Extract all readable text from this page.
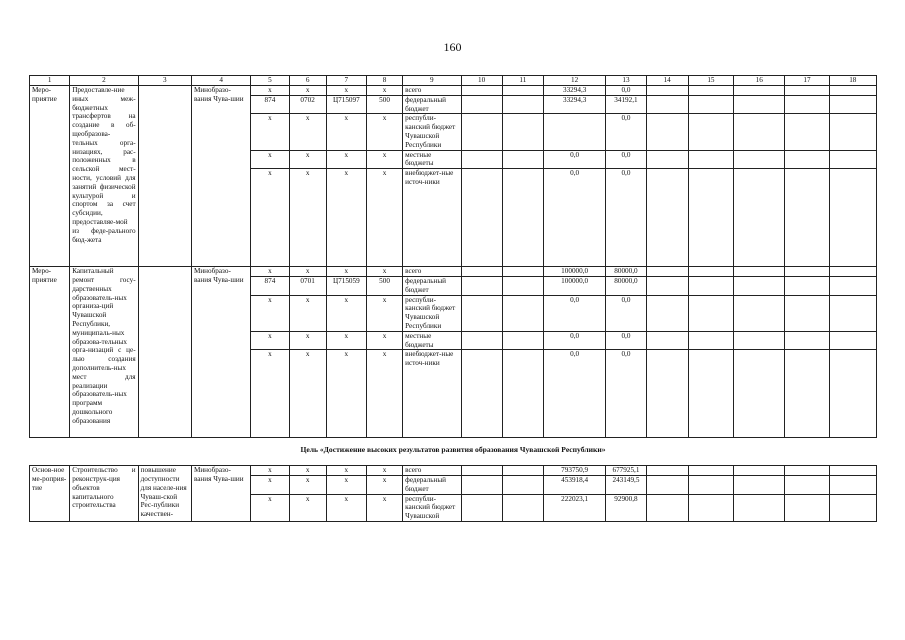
160
1	2	3	4	5	6	7	8	9	10	11	12	13	14	15	16	17	18
Меро-приятие	Предоставле-ние иных меж-бюджетных трансфертов на создание в об-щеобразова-тельных орга-низациях, рас-положенных в сельской мест-ности, условий для занятий физической культурой и спортом за счет субсидии, предоставляе-мой из феде-рального бюд-жета		Минобразо-вания Чува-шии	x	x	x	x	всего			33294,3	0,0					
				874	0702	Ц715097	500	федеральный бюджет			33294,3	34192,1					
				x	x	x	x	республи-канский бюджет Чувашской Республики				0,0					
				x	x	x	x	местные бюджеты			0,0	0,0					
				x	x	x	x	внебюджет-ные источ-ники			0,0	0,0					
Меро-приятие	Капитальный ремонт госу-дарственных образователь-ных организа-ций Чувашской Республики, муниципаль-ных образова-тельных орга-низаций с це-лью создания дополнитель-ных мест для реализации образователь-ных программ дошкольного образования		Минобразо-вания Чува-шии	x	x	x	x	всего			100000,0	80000,0					
				874	0701	Ц715059	500	федеральный бюджет			100000,0	80000,0					
				x	x	x	x	республи-канский бюджет Чувашской Республики			0,0	0,0					
				x	x	x	x	местные бюджеты			0,0	0,0					
				x	x	x	x	внебюджет-ные источ-ники			0,0	0,0					
Цель «Достижение высоких результатов развития образования Чувашской Республики»																	
Основ-ное ме-роприя-тие	Строительство и реконструк-ция объектов капитального строительства	повышение доступности для населе-ния Чуваш-ской Рес-публики качествен-	Минобразо-вания Чува-шии	x	x	x	x	всего			793750,9	677925,1					
				x	x	x	x	федеральный бюджет			453918,4	243149,5					
				x	x	x	x	республи-канский бюджет Чувашской			222023,1	92900,8					
